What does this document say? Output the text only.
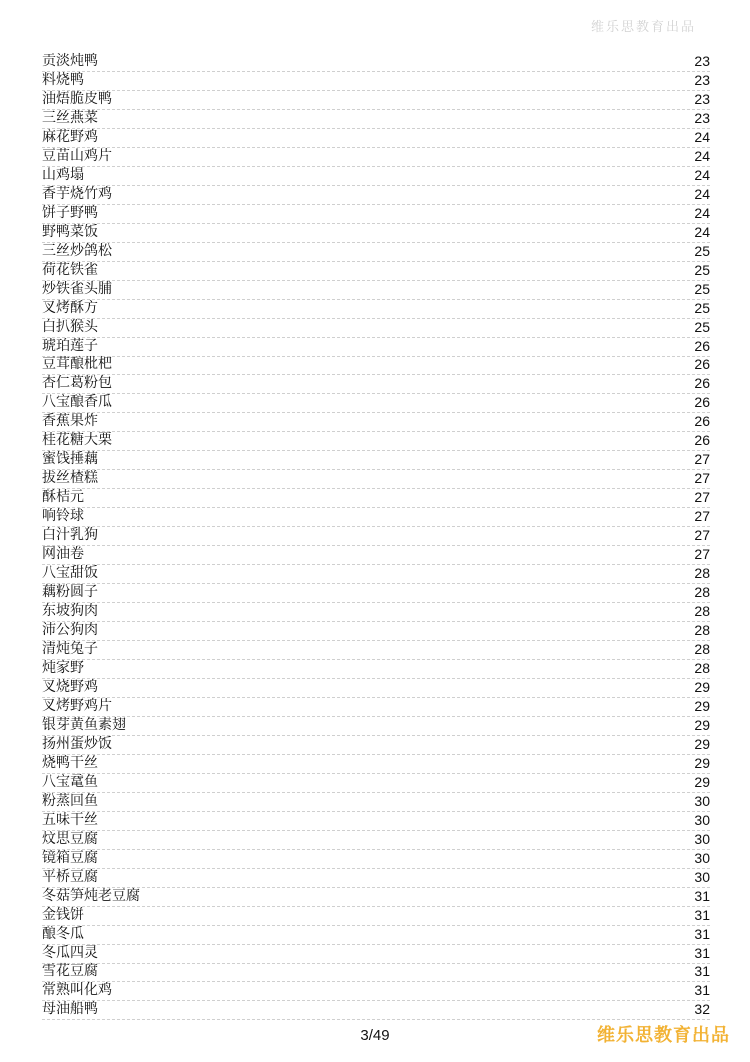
维乐思教育出品
贡淡炖鸭	23
料烧鸭	23
油焐脆皮鸭	23
三丝燕菜	23
麻花野鸡	24
豆苗山鸡片	24
山鸡塌	24
香芋烧竹鸡	24
饼子野鸭	24
野鸭菜饭	24
三丝炒鸽松	25
荷花铁雀	25
炒铁雀头脯	25
叉烤酥方	25
白扒猴头	25
琥珀莲子	26
豆茸酿枇杷	26
杏仁葛粉包	26
八宝酿香瓜	26
香蕉果炸	26
桂花糖大栗	26
蜜饯捶藕	27
拔丝楂糕	27
酥桔元	27
响铃球	27
白汁乳狗	27
网油卷	27
八宝甜饭	28
藕粉圆子	28
东坡狗肉	28
沛公狗肉	28
清炖兔子	28
炖家野	28
叉烧野鸡	29
叉烤野鸡片	29
银芽黄鱼素翅	29
扬州蛋炒饭	29
烧鸭干丝	29
八宝鼋鱼	29
粉蒸回鱼	30
五味干丝	30
炆思豆腐	30
镜箱豆腐	30
平桥豆腐	30
冬菇笋炖老豆腐	31
金钱饼	31
酿冬瓜	31
冬瓜四灵	31
雪花豆腐	31
常熟叫化鸡	31
母油船鸭	32
3/49	维乐思教育出品
